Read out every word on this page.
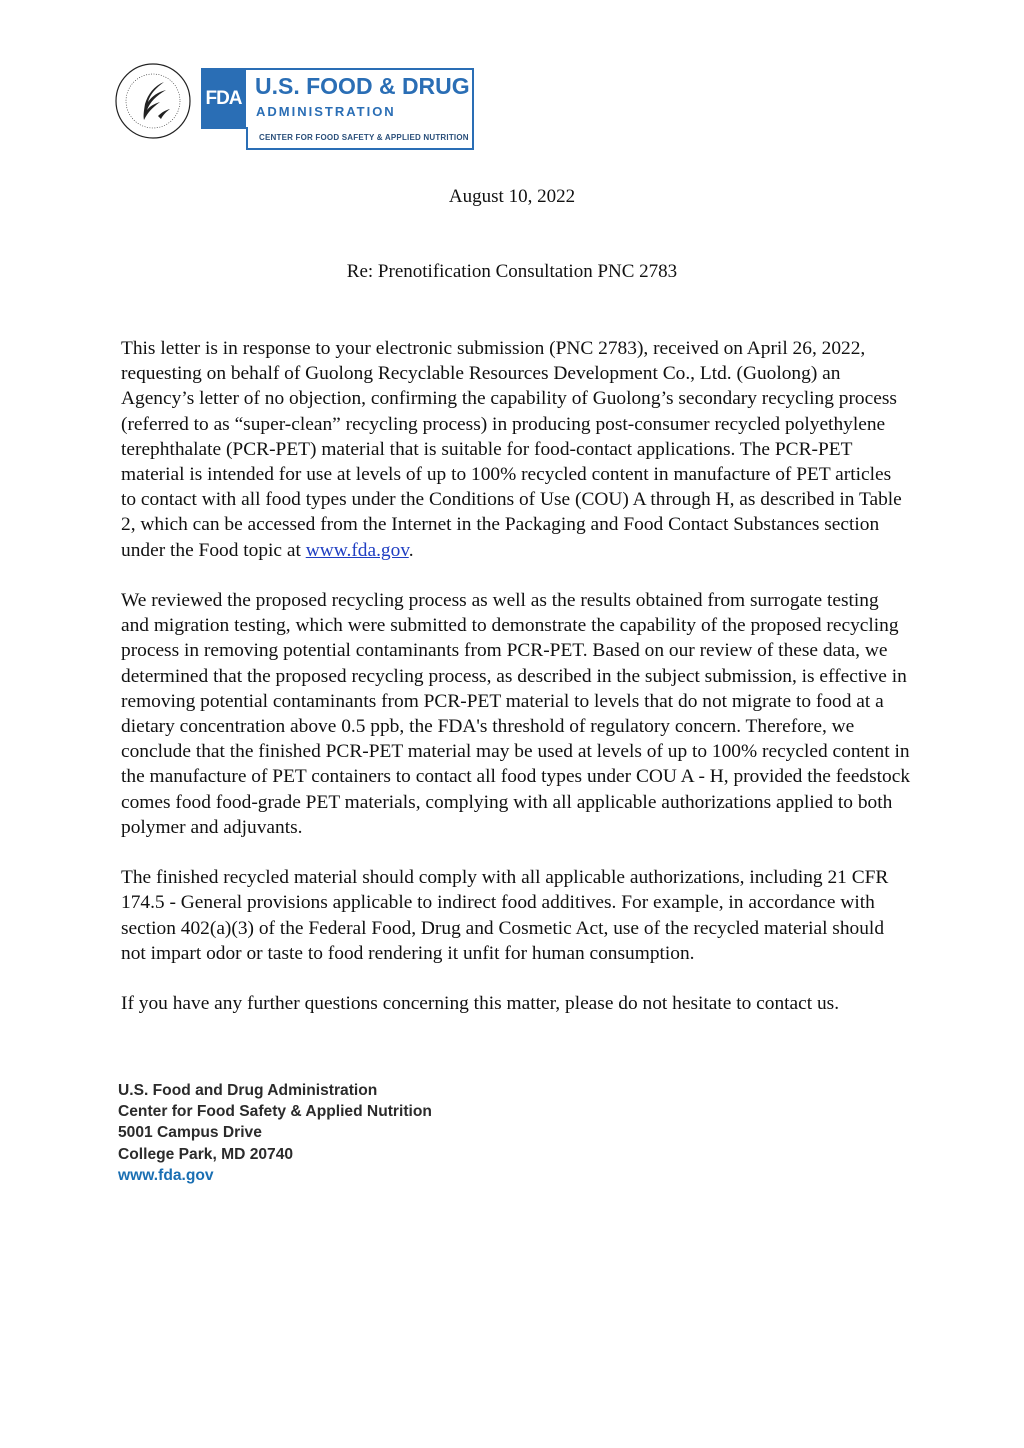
FDA U.S. FOOD & DRUG
ADMINISTRATION
CENTER FOR FOOD SAFETY & APPLIED NUTRITION
August 10, 2022
Re: Prenotification Consultation PNC 2783

This letter is in response to your electronic submission (PNC 2783), received on April 26, 2022, requesting on behalf of Guolong Recyclable Resources Development Co., Ltd. (Guolong) an Agency’s letter of no objection, confirming the capability of Guolong’s secondary recycling process (referred to as “super-clean” recycling process) in producing post-consumer recycled polyethylene terephthalate (PCR-PET) material that is suitable for food-contact applications. The PCR-PET material is intended for use at levels of up to 100% recycled content in manufacture of PET articles to contact with all food types under the Conditions of Use (COU) A through H, as described in Table 2, which can be accessed from the Internet in the Packaging and Food Contact Substances section under the Food topic at www.fda.gov.

We reviewed the proposed recycling process as well as the results obtained from surrogate testing and migration testing, which were submitted to demonstrate the capability of the proposed recycling process in removing potential contaminants from PCR-PET. Based on our review of these data, we determined that the proposed recycling process, as described in the subject submission, is effective in removing potential contaminants from PCR-PET material to levels that do not migrate to food at a dietary concentration above 0.5 ppb, the FDA's threshold of regulatory concern. Therefore, we conclude that the finished PCR-PET material may be used at levels of up to 100% recycled content in the manufacture of PET containers to contact all food types under COU A - H, provided the feedstock comes food food-grade PET materials, complying with all applicable authorizations applied to both polymer and adjuvants.

The finished recycled material should comply with all applicable authorizations, including 21 CFR 174.5 - General provisions applicable to indirect food additives. For example, in accordance with section 402(a)(3) of the Federal Food, Drug and Cosmetic Act, use of the recycled material should not impart odor or taste to food rendering it unfit for human consumption.

If you have any further questions concerning this matter, please do not hesitate to contact us.

U.S. Food and Drug Administration
Center for Food Safety & Applied Nutrition
5001 Campus Drive
College Park, MD 20740
www.fda.gov
